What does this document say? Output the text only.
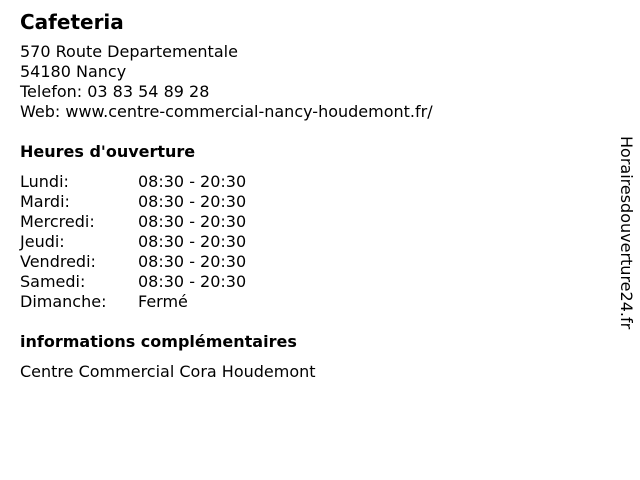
Cafeteria
570 Route Departementale
54180 Nancy
Telefon: 03 83 54 89 28
Web: www.centre-commercial-nancy-houdemont.fr/
Heures d'ouverture
Lundi:	08:30 - 20:30
Mardi:	08:30 - 20:30
Mercredi:	08:30 - 20:30
Jeudi:	08:30 - 20:30
Vendredi:	08:30 - 20:30
Samedi:	08:30 - 20:30
Dimanche:	Fermé
informations complémentaires
Centre Commercial Cora Houdemont
Horairesdouverture24.fr
